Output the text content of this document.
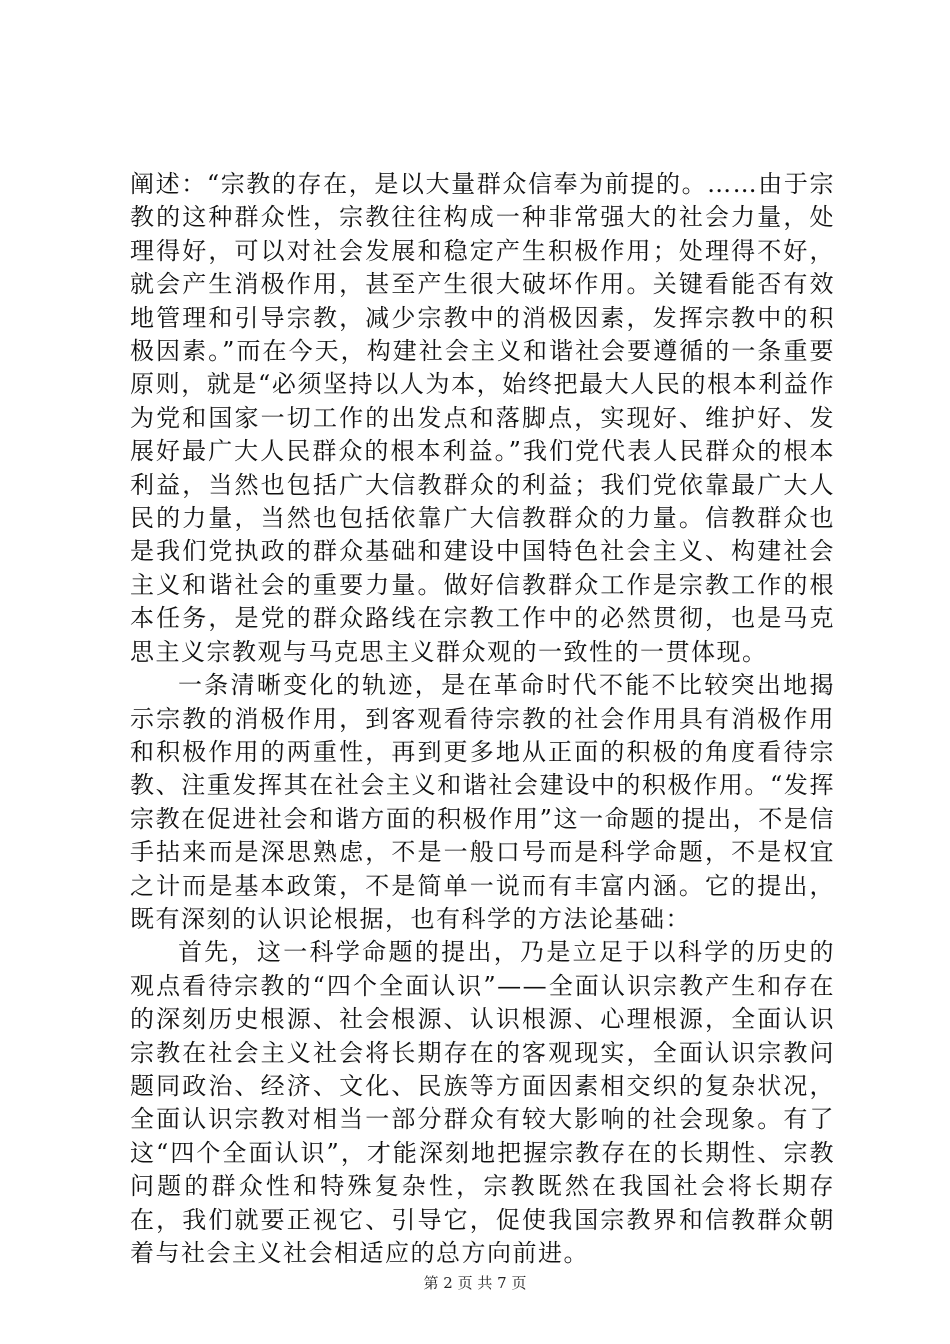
阐述：“宗教的存在，是以大量群众信奉为前提的。……由于宗教的这种群众性，宗教往往构成一种非常强大的社会力量，处理得好，可以对社会发展和稳定产生积极作用；处理得不好，就会产生消极作用，甚至产生很大破坏作用。关键看能否有效地管理和引导宗教，减少宗教中的消极因素，发挥宗教中的积极因素。”而在今天，构建社会主义和谐社会要遵循的一条重要原则，就是“必须坚持以人为本，始终把最大人民的根本利益作为党和国家一切工作的出发点和落脚点，实现好、维护好、发展好最广大人民群众的根本利益。”我们党代表人民群众的根本利益，当然也包括广大信教群众的利益；我们党依靠最广大人民的力量，当然也包括依靠广大信教群众的力量。信教群众也是我们党执政的群众基础和建设中国特色社会主义、构建社会主义和谐社会的重要力量。做好信教群众工作是宗教工作的根本任务，是党的群众路线在宗教工作中的必然贯彻，也是马克思主义宗教观与马克思主义群众观的一致性的一贯体现。

一条清晰变化的轨迹，是在革命时代不能不比较突出地揭示宗教的消极作用，到客观看待宗教的社会作用具有消极作用和积极作用的两重性，再到更多地从正面的积极的角度看待宗教、注重发挥其在社会主义和谐社会建设中的积极作用。“发挥宗教在促进社会和谐方面的积极作用”这一命题的提出，不是信手拈来而是深思熟虑，不是一般口号而是科学命题，不是权宜之计而是基本政策，不是简单一说而有丰富内涵。它的提出，既有深刻的认识论根据，也有科学的方法论基础：

首先，这一科学命题的提出，乃是立足于以科学的历史的观点看待宗教的“四个全面认识”——全面认识宗教产生和存在的深刻历史根源、社会根源、认识根源、心理根源，全面认识宗教在社会主义社会将长期存在的客观现实，全面认识宗教问题同政治、经济、文化、民族等方面因素相交织的复杂状况，全面认识宗教对相当一部分群众有较大影响的社会现象。有了这“四个全面认识”，才能深刻地把握宗教存在的长期性、宗教问题的群众性和特殊复杂性，宗教既然在我国社会将长期存在，我们就要正视它、引导它，促使我国宗教界和信教群众朝着与社会主义社会相适应的总方向前进。

第 2 页 共 7 页
